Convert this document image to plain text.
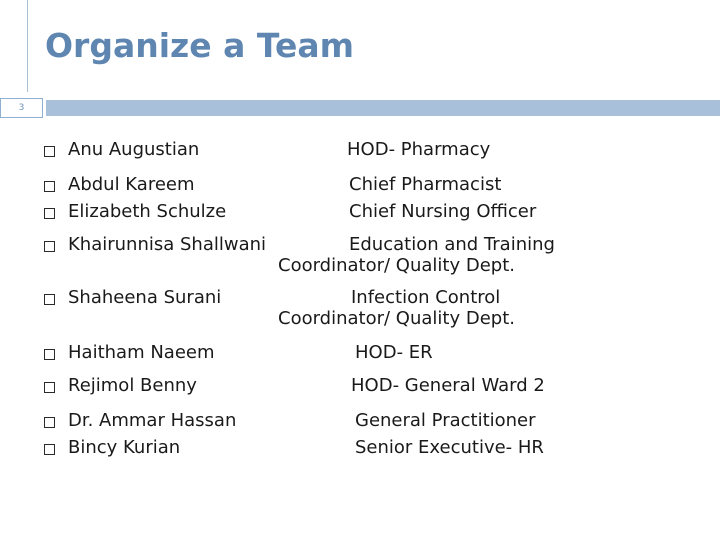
Organize a Team
3
Anu Augustian	HOD- Pharmacy
Abdul Kareem	Chief Pharmacist
Elizabeth Schulze	Chief Nursing Officer
Khairunnisa Shallwani	Education and Training
Coordinator/ Quality Dept.
Shaheena Surani	Infection Control
Coordinator/ Quality Dept.
Haitham Naeem	HOD- ER
Rejimol Benny	HOD- General Ward 2
Dr. Ammar Hassan	General Practitioner
Bincy Kurian	Senior Executive- HR
